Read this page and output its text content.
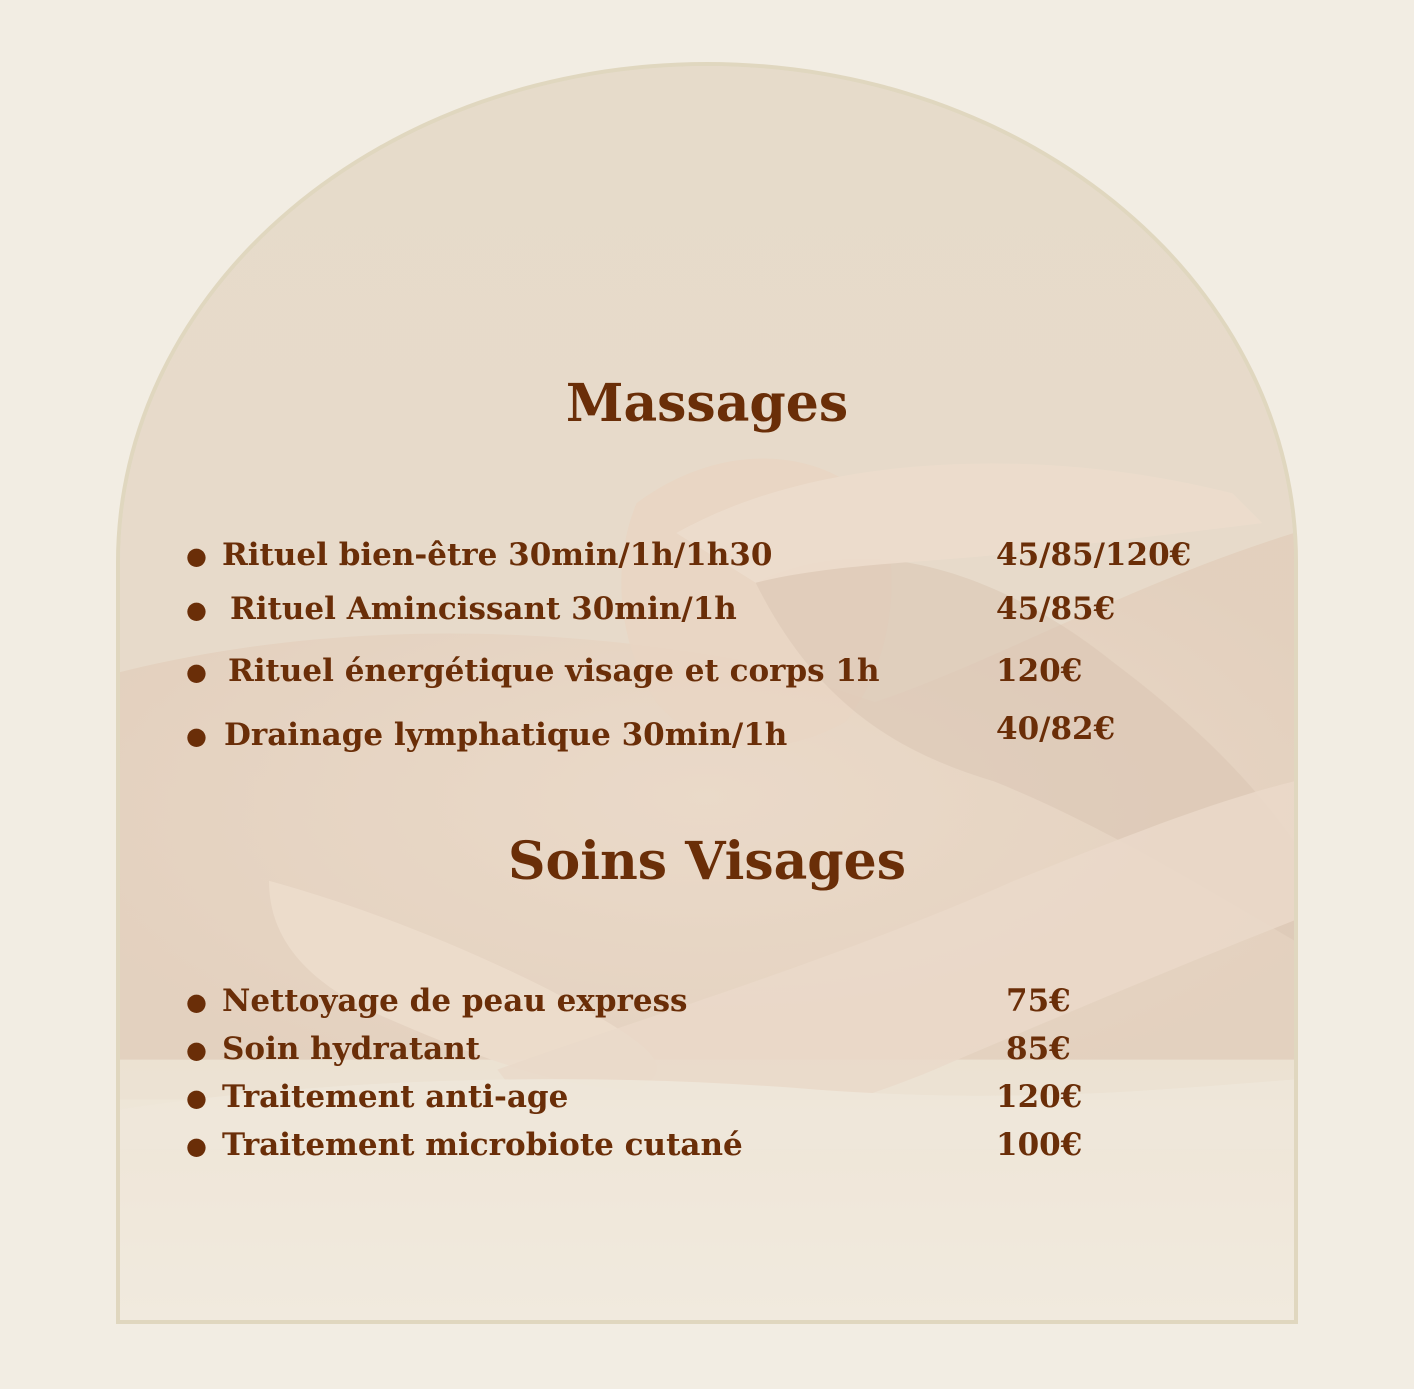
Massages
● Rituel bien-être 30min/1h/1h30	45/85/120€
● Rituel Amincissant 30min/1h	45/85€
● Rituel énergétique visage et corps 1h	120€
● Drainage lymphatique 30min/1h	40/82€
Soins Visages
● Nettoyage de peau express	75€
● Soin hydratant	85€
● Traitement anti-age	120€
● Traitement microbiote cutané	100€
